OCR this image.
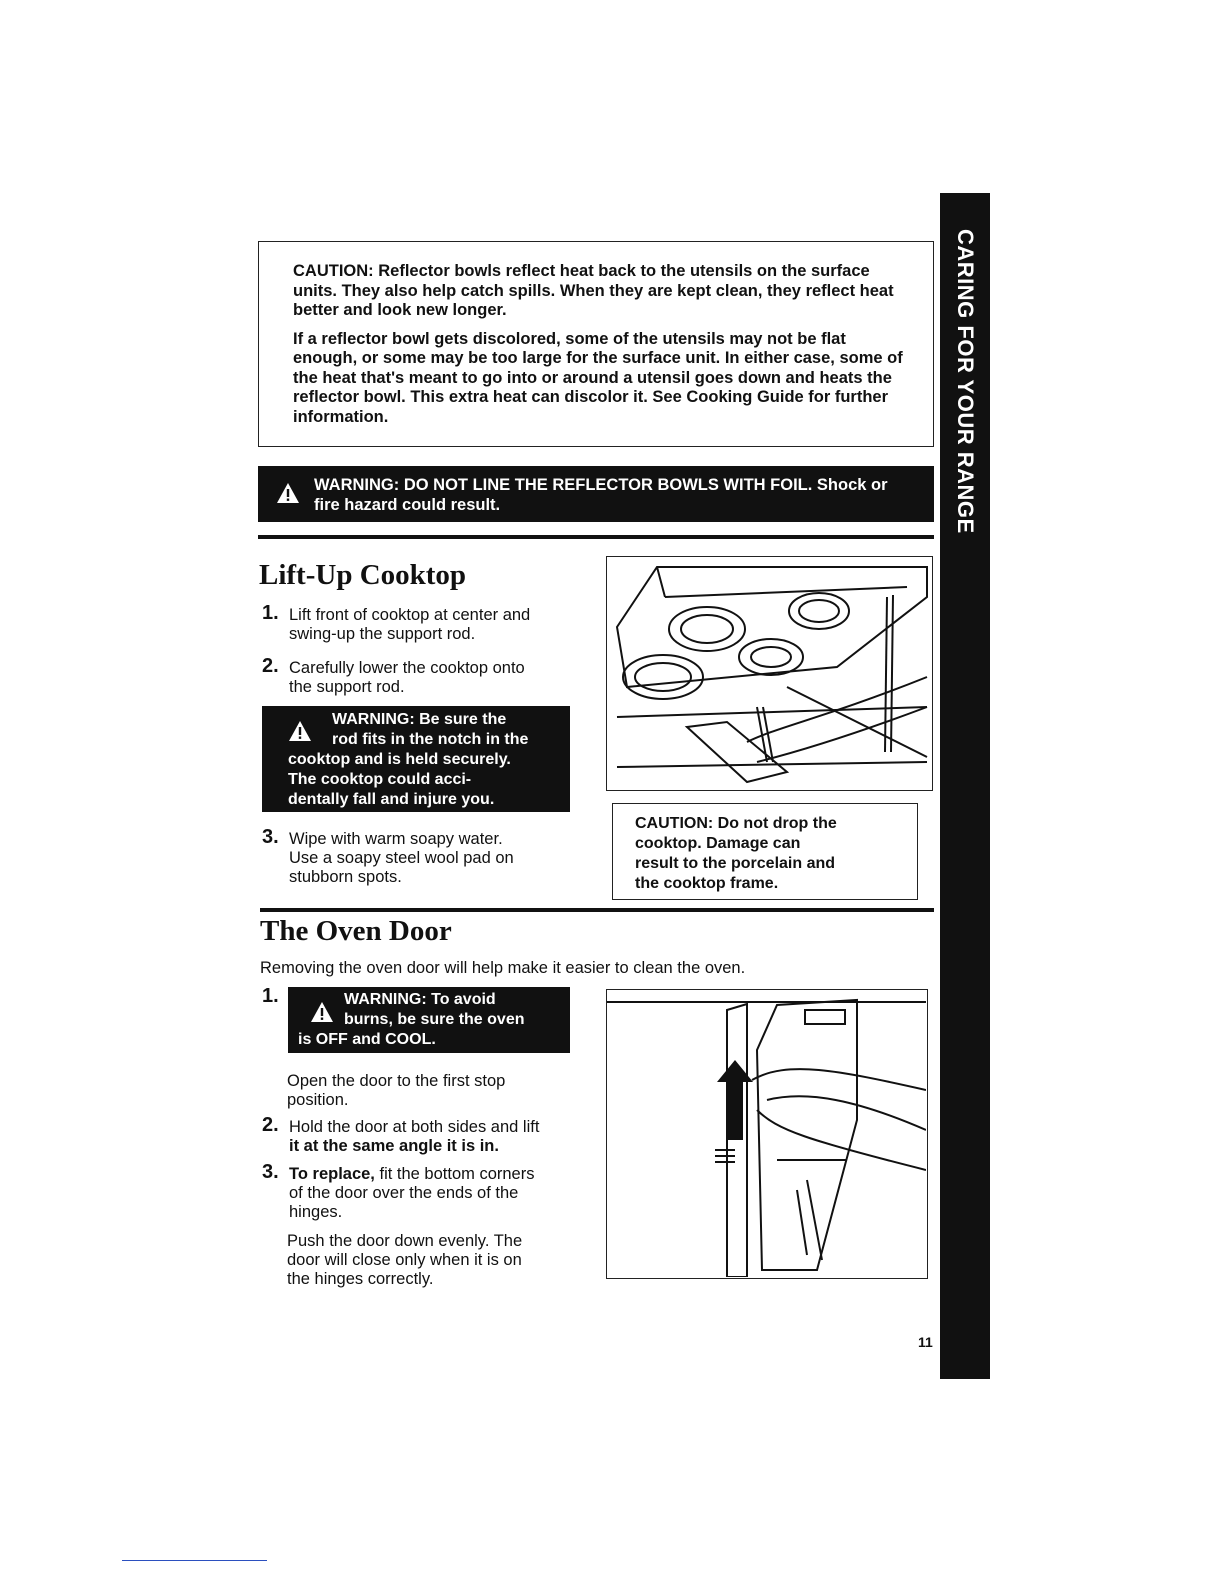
CARING FOR YOUR RANGE

CAUTION: Reflector bowls reflect heat back to the utensils on the surface units. They also help catch spills. When they are kept clean, they reflect heat better and look new longer.

If a reflector bowl gets discolored, some of the utensils may not be flat enough, or some may be too large for the surface unit. In either case, some of the heat that's meant to go into or around a utensil goes down and heats the reflector bowl. This extra heat can discolor it. See Cooking Guide for further information.

WARNING: DO NOT LINE THE REFLECTOR BOWLS WITH FOIL. Shock or
fire hazard could result.
Lift-Up Cooktop
1. Lift front of cooktop at center and
swing-up the support rod.
2. Carefully lower the cooktop onto
the support rod.
WARNING: Be sure the
rod fits in the notch in the
cooktop and is held securely.
The cooktop could acci-
dentally fall and injure you.
3. Wipe with warm soapy water.
Use a soapy steel wool pad on
stubborn spots.

CAUTION: Do not drop the

cooktop. Damage can

result to the porcelain and

the cooktop frame.

The Oven Door
Removing the oven door will help make it easier to clean the oven.
1.	WARNING: To avoid
burns, be sure the oven
is OFF and COOL.
Open the door to the first stop
position.
2. Hold the door at both sides and lift
it at the same angle it is in.
3. To replace, fit the bottom corners
of the door over the ends of the
hinges.
Push the door down evenly. The
door will close only when it is on
the hinges correctly.
11
